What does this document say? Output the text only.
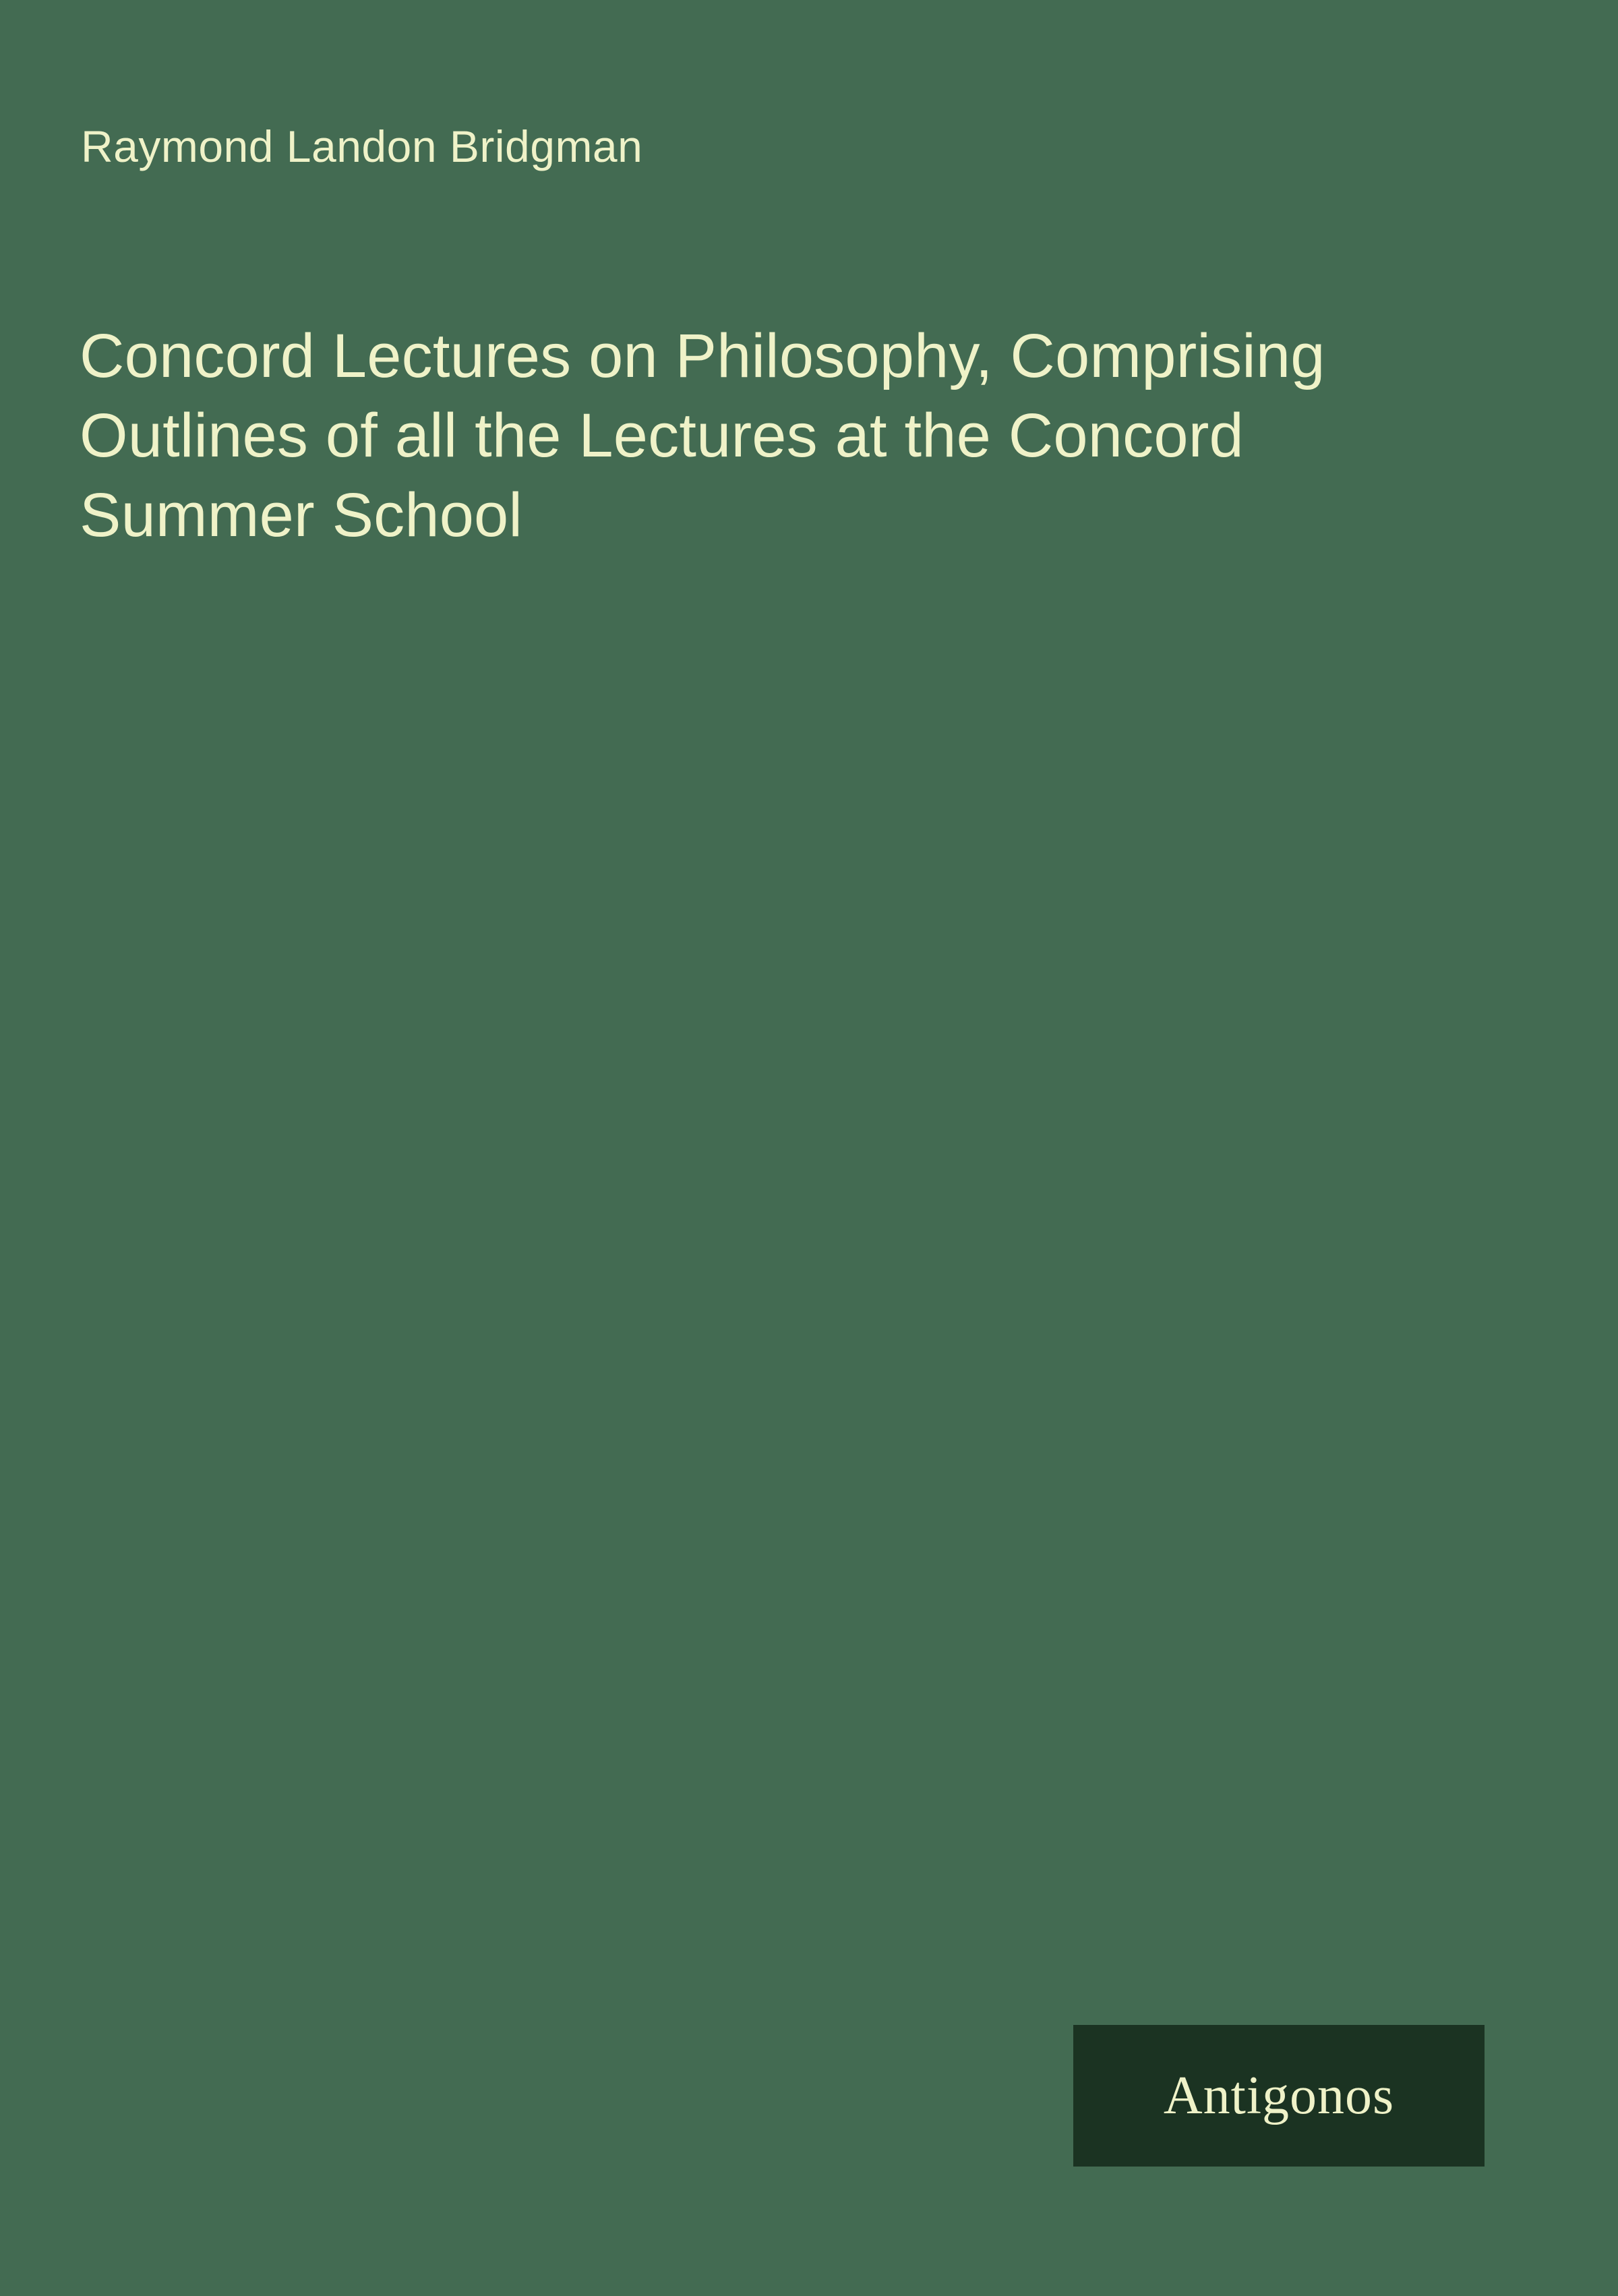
Raymond Landon Bridgman
Concord Lectures on Philosophy, Comprising Outlines of all the Lectures at the Concord Summer School
Antigonos
